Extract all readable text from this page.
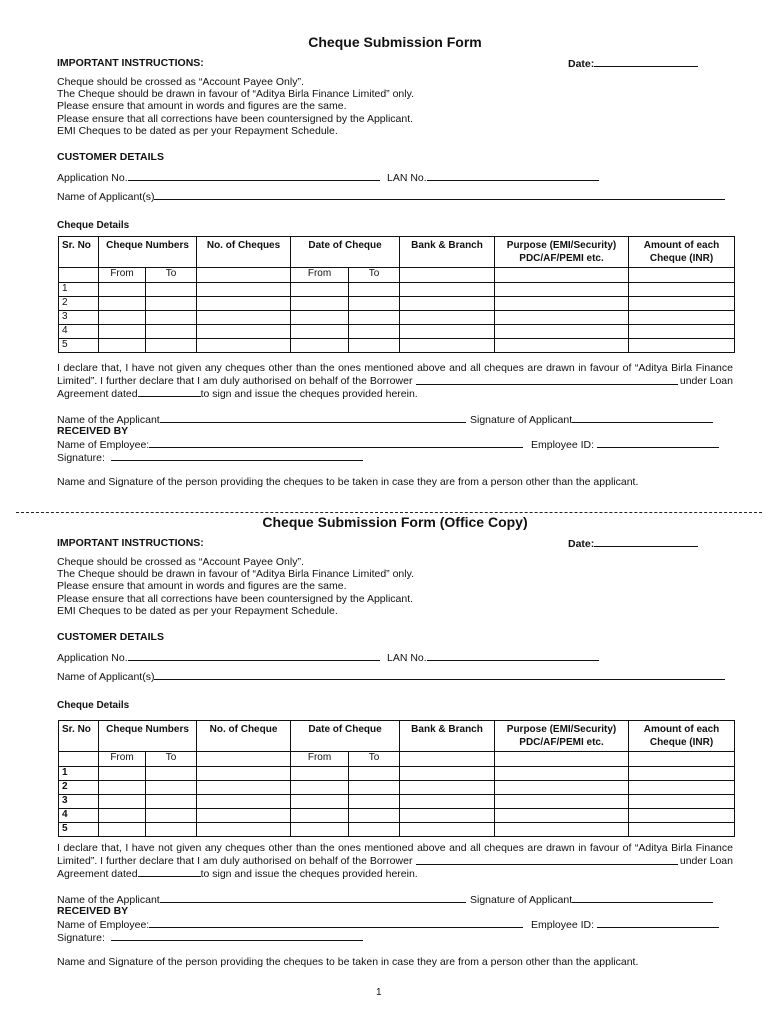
Cheque Submission Form
IMPORTANT INSTRUCTIONS:	Date:
Cheque should be crossed as “Account Payee Only”.
The Cheque should be drawn in favour of “Aditya Birla Finance Limited” only.
Please ensure that amount in words and figures are the same.
Please ensure that all corrections have been countersigned by the Applicant.
EMI Cheques to be dated as per your Repayment Schedule.
CUSTOMER DETAILS
Application No.	LAN No.
Name of Applicant(s)
Cheque Details
Sr. No	Cheque Numbers		No. of Cheques	Date of Cheque		Bank & Branch	Purpose (EMI/Security) PDC/AF/PEMI etc.	Amount of each Cheque (INR)
	From	To		From	To			
1								
2								
3								
4								
5								
I declare that, I have not given any cheques other than the ones mentioned above and all cheques are drawn in favour of “Aditya Birla Finance
Limited”. I further declare that I am duly authorised on behalf of the Borrower	under Loan
Agreement dated	to sign and issue the cheques provided herein.
Name of the Applicant	Signature of Applicant
RECEIVED BY
Name of Employee:	Employee ID:
Signature:
Name and Signature of the person providing the cheques to be taken in case they are from a person other than the applicant.
Cheque Submission Form (Office Copy)
IMPORTANT INSTRUCTIONS:	Date:
Cheque should be crossed as “Account Payee Only”.
The Cheque should be drawn in favour of “Aditya Birla Finance Limited” only.
Please ensure that amount in words and figures are the same.
Please ensure that all corrections have been countersigned by the Applicant.
EMI Cheques to be dated as per your Repayment Schedule.
CUSTOMER DETAILS
Application No.	LAN No.
Name of Applicant(s)
Cheque Details
Sr. No	Cheque Numbers		No. of Cheque	Date of Cheque		Bank & Branch	Purpose (EMI/Security) PDC/AF/PEMI etc.	Amount of each Cheque (INR)
	From	To		From	To			
1								
2								
3								
4								
5								
I declare that, I have not given any cheques other than the ones mentioned above and all cheques are drawn in favour of “Aditya Birla Finance
Limited”. I further declare that I am duly authorised on behalf of the Borrower	under Loan
Agreement dated	to sign and issue the cheques provided herein.
Name of the Applicant	Signature of Applicant
RECEIVED BY
Name of Employee:	Employee ID:
Signature:
Name and Signature of the person providing the cheques to be taken in case they are from a person other than the applicant.
1
